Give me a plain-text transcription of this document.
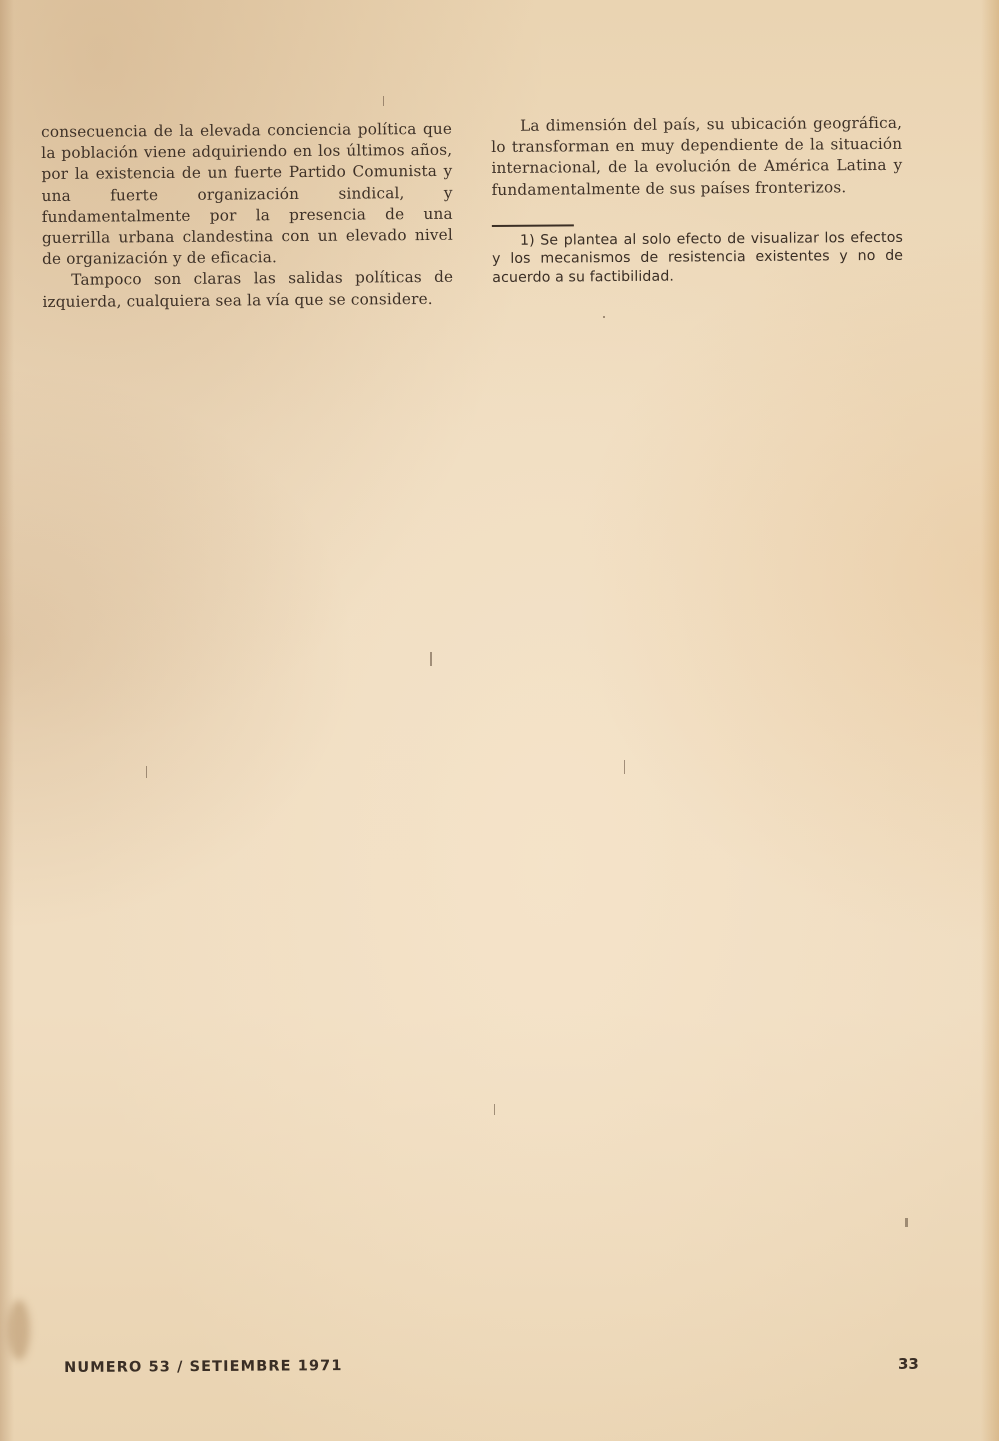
consecuencia de la elevada conciencia política que la población viene adquiriendo en los últimos años, por la existencia de un fuerte Partido Comunista y una fuerte organización sindical, y fundamentalmente por la presencia de una guerrilla urbana clandestina con un elevado nivel de organización y de eficacia.

Tampoco son claras las salidas políticas de izquierda, cualquiera sea la vía que se considere.

La dimensión del país, su ubicación geográfica, lo transforman en muy dependiente de la situación internacional, de la evolución de América Latina y fundamentalmente de sus países fronterizos.

1) Se plantea al solo efecto de visualizar los efectos y los mecanismos de resistencia existentes y no de acuerdo a su factibilidad.

NUMERO 53 / SETIEMBRE 1971	33
